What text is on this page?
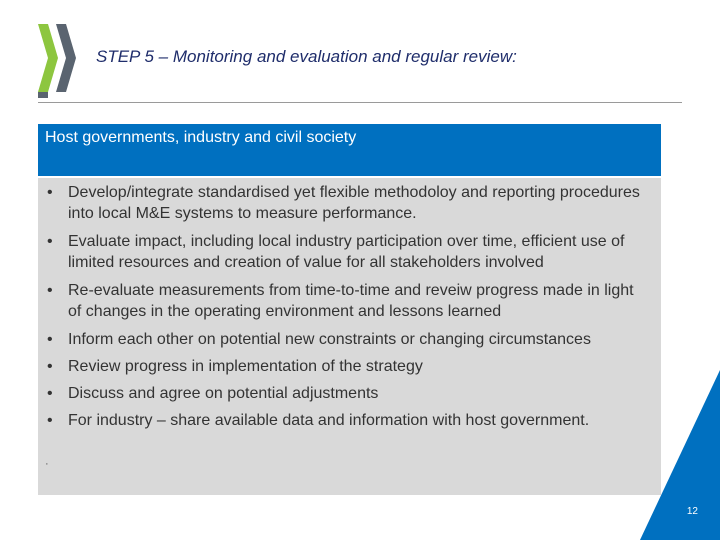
STEP 5 – Monitoring and evaluation and regular review:
Host governments, industry and civil society
• Develop/integrate standardised yet flexible methodoloy and reporting procedures into local M&E systems to measure performance.
• Evaluate impact, including local industry participation over time, efficient use of limited resources and creation of value for all stakeholders involved
• Re-evaluate measurements from time-to-time and reveiw progress made in light of changes in the operating environment and lessons learned
• Inform each other on potential new constraints or changing circumstances
• Review progress in implementation of the strategy
• Discuss and agree on potential adjustments
• For industry – share available data and information with host government.
·
12
